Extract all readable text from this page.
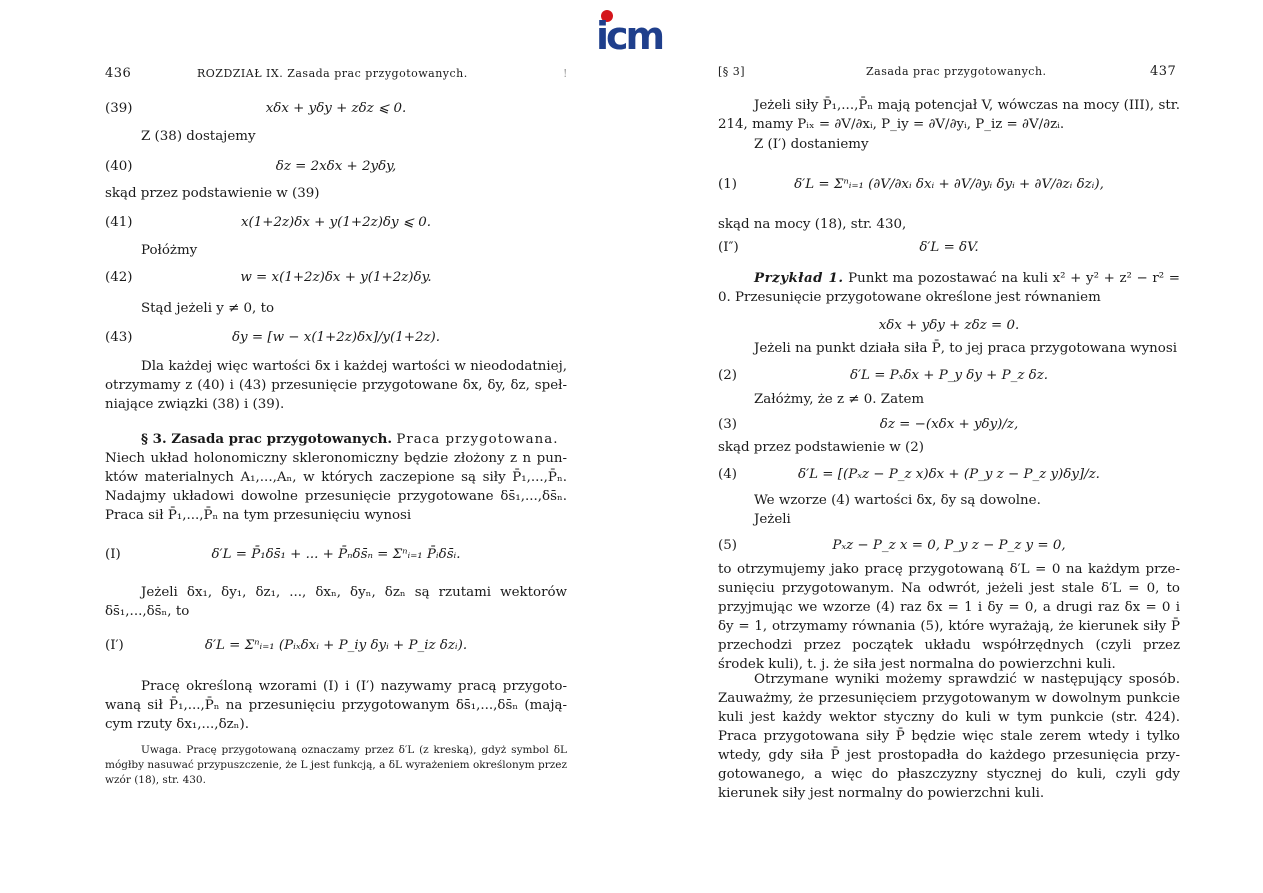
icm
436	ROZDZIAŁ IX. Zasada prac przygotowanych.	!
(39)	xδx + yδy + zδz ⩽ 0.
Z (38) dostajemy
(40)	δz = 2xδx + 2yδy,
skąd przez podstawienie w (39)
(41)	x(1+2z)δx + y(1+2z)δy ⩽ 0.
Połóżmy
(42)	w = x(1+2z)δx + y(1+2z)δy.
Stąd jeżeli y ≠ 0, to
(43)	δy = [w − x(1+2z)δx]/y(1+2z).
Dla każdej więc wartości δx i każdej wartości w nieododatniej, otrzymamy z (40) i (43) przesunięcie przygotowane δx, δy, δz, spełniające związki (38) i (39).
§ 3. Zasada prac przygotowanych. Praca przygotowana.
Niech układ holonomiczny skleronomiczny będzie złożony z n punktów materialnych A₁,...,Aₙ, w których zaczepione są siły P̄₁,...,P̄ₙ. Nadajmy układowi dowolne przesunięcie przygotowane δs̄₁,...,δs̄ₙ. Praca sił P̄₁,...,P̄ₙ na tym przesunięciu wynosi
(I)	δ′L = P̄₁δs̄₁ + ... + P̄ₙδs̄ₙ = Σⁿᵢ₌₁ P̄ᵢδs̄ᵢ.
Jeżeli δx₁, δy₁, δz₁, ..., δxₙ, δyₙ, δzₙ są rzutami wektorów δs̄₁,...,δs̄ₙ, to
(I′)	δ′L = Σⁿᵢ₌₁ (Pᵢₓδxᵢ + P_iy δyᵢ + P_iz δzᵢ).
Pracę określoną wzorami (I) i (I′) nazywamy pracą przygotowaną sił P̄₁,...,P̄ₙ na przesunięciu przygotowanym δs̄₁,...,δs̄ₙ (mającym rzuty δx₁,...,δzₙ).
Uwaga. Pracę przygotowaną oznaczamy przez δ′L (z kreską), gdyż symbol δL mógłby nasuwać przypuszczenie, że L jest funkcją, a δL wyrażeniem określonym przez wzór (18), str. 430.
[§ 3]	Zasada prac przygotowanych.	437
Jeżeli siły P̄₁,...,P̄ₙ mają potencjał V, wówczas na mocy (III), str. 214, mamy Pᵢₓ = ∂V/∂xᵢ, P_iy = ∂V/∂yᵢ, P_iz = ∂V/∂zᵢ.
Z (I′) dostaniemy
(1)	δ′L = Σⁿᵢ₌₁ (∂V/∂xᵢ δxᵢ + ∂V/∂yᵢ δyᵢ + ∂V/∂zᵢ δzᵢ),
skąd na mocy (18), str. 430,
(I″)	δ′L = δV.
Przykład 1. Punkt ma pozostawać na kuli x² + y² + z² − r² = 0. Przesunięcie przygotowane określone jest równaniem
xδx + yδy + zδz = 0.
Jeżeli na punkt działa siła P̄, to jej praca przygotowana wynosi
(2)	δ′L = Pₓδx + P_y δy + P_z δz.
Załóżmy, że z ≠ 0. Zatem
(3)	δz = −(xδx + yδy)/z,
skąd przez podstawienie w (2)
(4)	δ′L = [(Pₓz − P_z x)δx + (P_y z − P_z y)δy]/z.
We wzorze (4) wartości δx, δy są dowolne.
Jeżeli
(5)	Pₓz − P_z x = 0, P_y z − P_z y = 0,
to otrzymujemy jako pracę przygotowaną δ′L = 0 na każdym przesunięciu przygotowanym. Na odwrót, jeżeli jest stale δ′L = 0, to przyjmując we wzorze (4) raz δx = 1 i δy = 0, a drugi raz δx = 0 i δy = 1, otrzymamy równania (5), które wyrażają, że kierunek siły P̄ przechodzi przez początek układu współrzędnych (czyli przez środek kuli), t. j. że siła jest normalna do powierzchni kuli.
Otrzymane wyniki możemy sprawdzić w następujący sposób. Zauważmy, że przesunięciem przygotowanym w dowolnym punkcie kuli jest każdy wektor styczny do kuli w tym punkcie (str. 424). Praca przygotowana siły P̄ będzie więc stale zerem wtedy i tylko wtedy, gdy siła P̄ jest prostopadła do każdego przesunięcia przygotowanego, a więc do płaszczyzny stycznej do kuli, czyli gdy kierunek siły jest normalny do powierzchni kuli.
